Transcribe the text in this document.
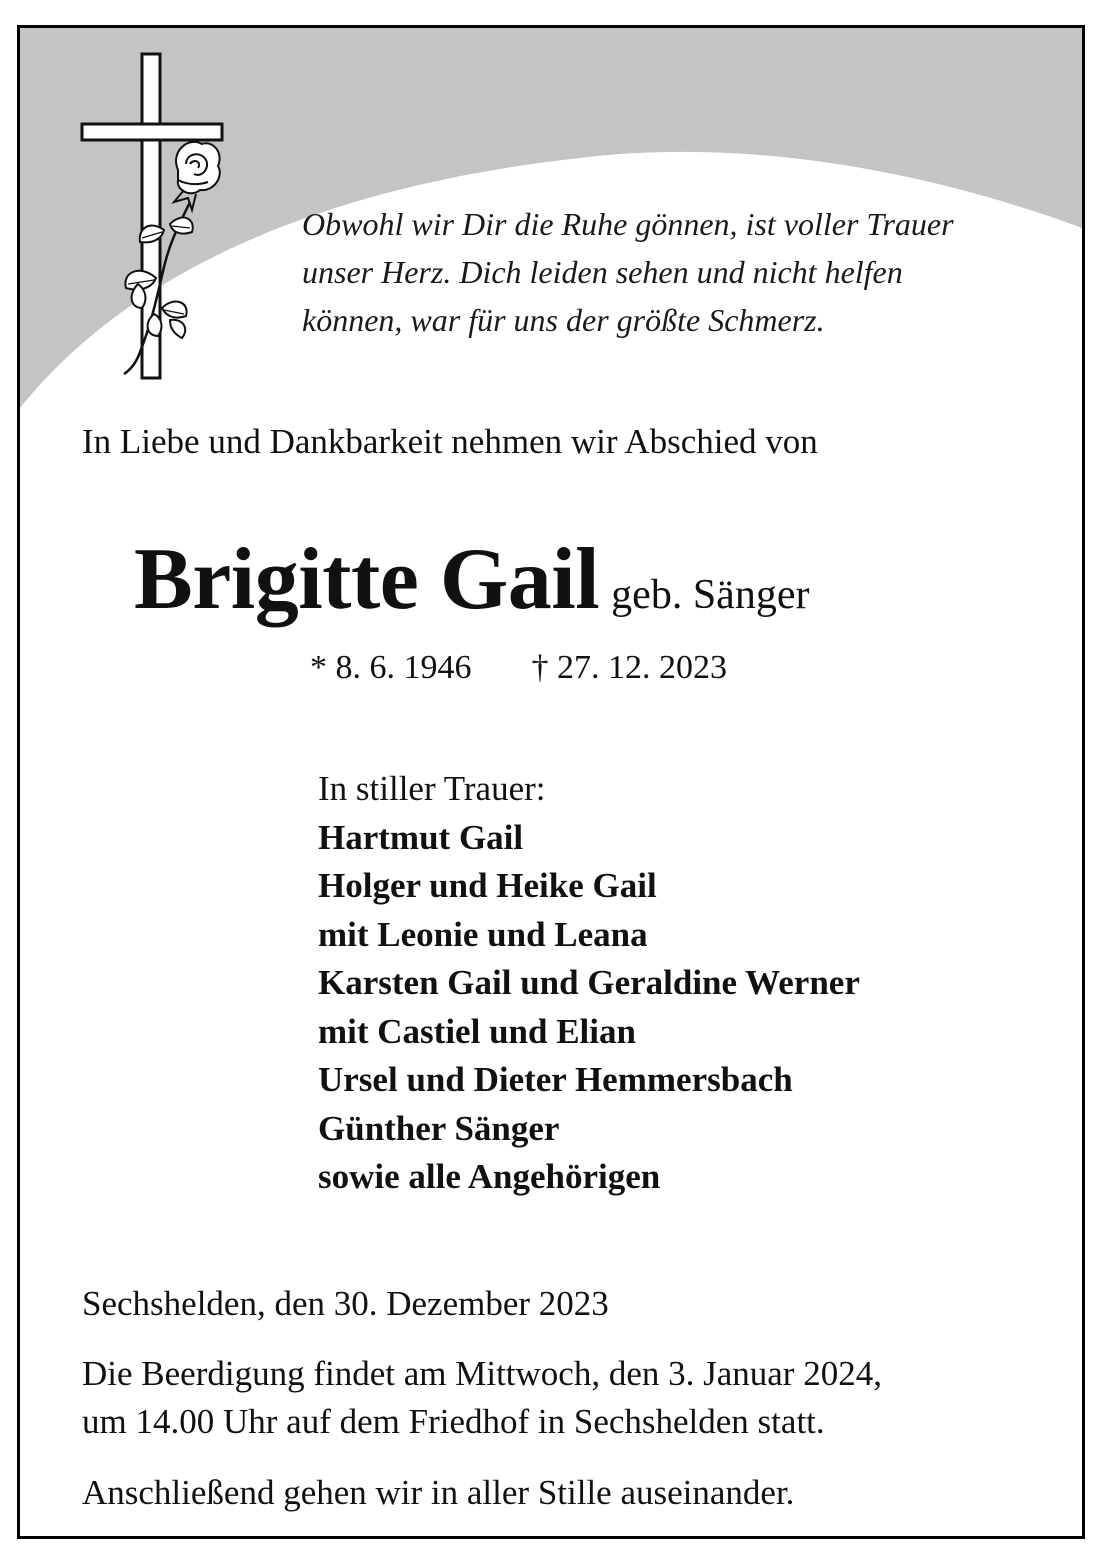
Obwohl wir Dir die Ruhe gönnen, ist voller Trauer
unser Herz. Dich leiden sehen und nicht helfen
können, war für uns der größte Schmerz.
In Liebe und Dankbarkeit nehmen wir Abschied von
Brigitte Gail geb. Sänger
* 8. 6. 1946 † 27. 12. 2023
In stiller Trauer:
Hartmut Gail
Holger und Heike Gail
mit Leonie und Leana
Karsten Gail und Geraldine Werner
mit Castiel und Elian
Ursel und Dieter Hemmersbach
Günther Sänger
sowie alle Angehörigen
Sechshelden, den 30. Dezember 2023
Die Beerdigung findet am Mittwoch, den 3. Januar 2024,
um 14.00 Uhr auf dem Friedhof in Sechshelden statt.
Anschließend gehen wir in aller Stille auseinander.
